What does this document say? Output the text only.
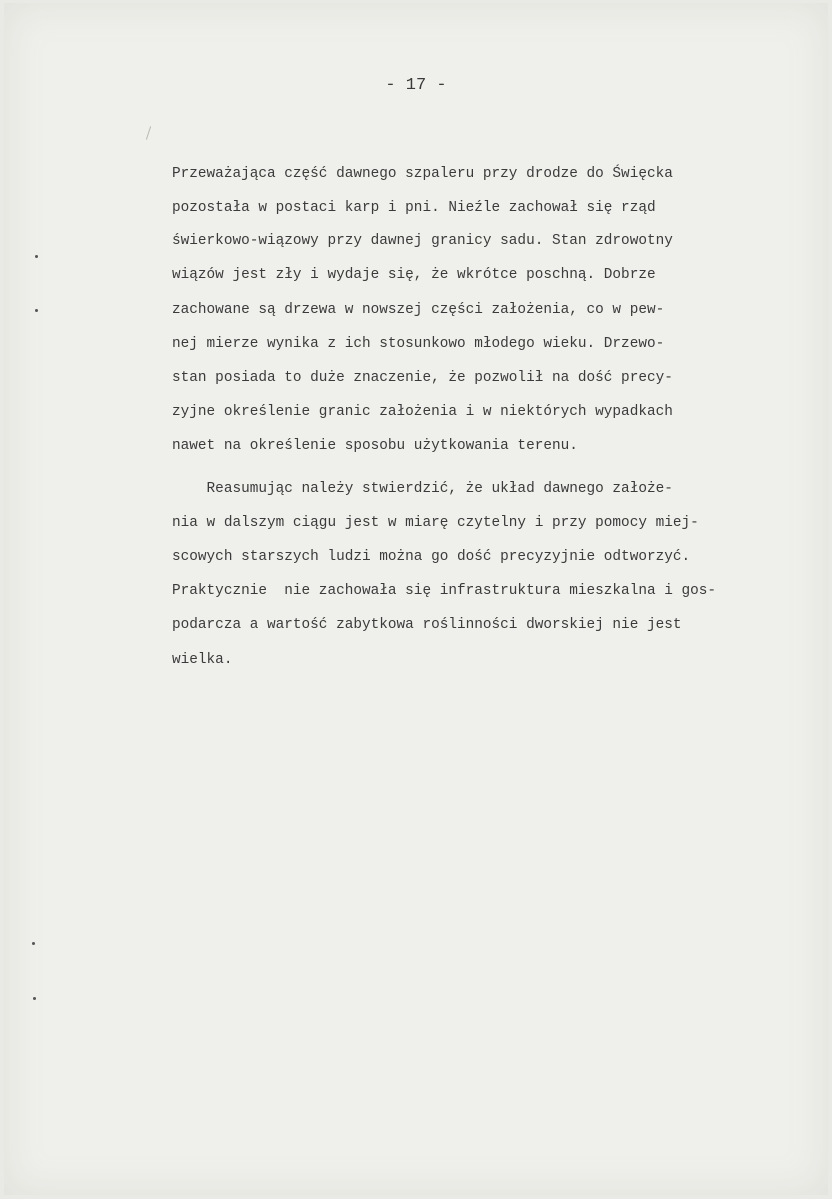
- 17 -
Przeważająca część dawnego szpaleru przy drodze do Święcka
pozostała w postaci karp i pni. Nieźle zachował się rząd
świerkowo-wiązowy przy dawnej granicy sadu. Stan zdrowotny
wiązów jest zły i wydaje się, że wkrótce poschną. Dobrze
zachowane są drzewa w nowszej części założenia, co w pew-
nej mierze wynika z ich stosunkowo młodego wieku. Drzewo-
stan posiada to duże znaczenie, że pozwolił na dość precy-
zyjne określenie granic założenia i w niektórych wypadkach
nawet na określenie sposobu użytkowania terenu.
Reasumując należy stwierdzić, że układ dawnego założe-
nia w dalszym ciągu jest w miarę czytelny i przy pomocy miej-
scowych starszych ludzi można go dość precyzyjnie odtworzyć.
Praktycznie  nie zachowała się infrastruktura mieszkalna i gos-
podarcza a wartość zabytkowa roślinności dworskiej nie jest
wielka.
